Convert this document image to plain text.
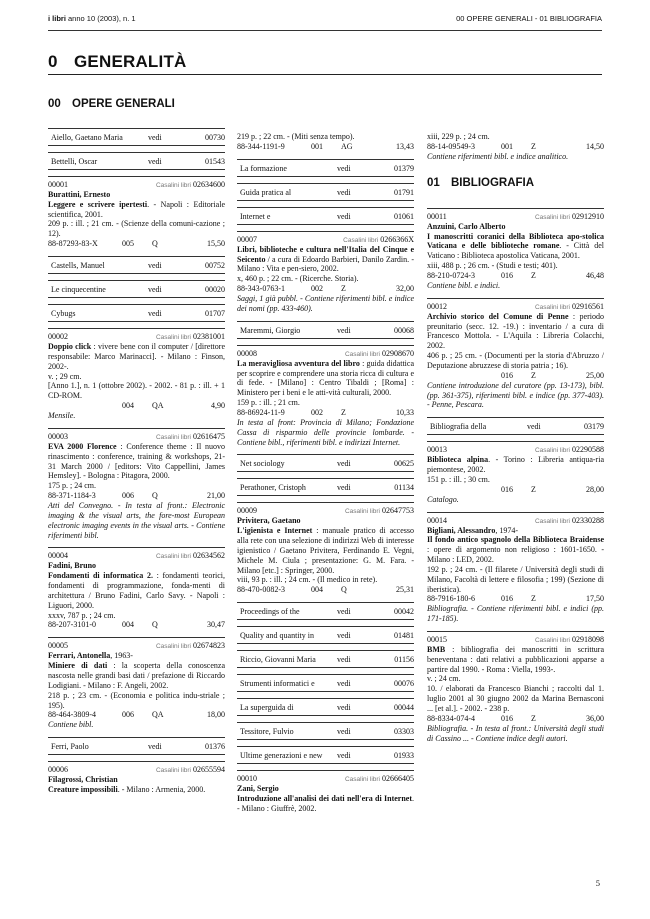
i libri anno 10 (2003), n. 1	00 OPERE GENERALI - 01 BIBLIOGRAFIA
0 GENERALITÀ
00 OPERE GENERALI
Aiello, Gaetano Maria	vedi	00730
Bettelli, Oscar	vedi	01543
00001	Casalini libri 02634600
Burattini, Ernesto
Leggere e scrivere ipertesti. - Napoli : Editoriale scientifica, 2001.
209 p. : ill. ; 21 cm. - (Scienze della comuni-cazione ; 12).
88-87293-83-X	005 Q	15,50
Castells, Manuel	vedi	00752
Le cinquecentine	vedi	00020
Cybugs	vedi	01707
00002	Casalini libri 02381001
Doppio click : vivere bene con il computer / [direttore responsabile: Marco Marinacci]. - Milano : Finson, 2002-.
v. ; 29 cm.
[Anno 1.], n. 1 (ottobre 2002). - 2002. - 81 p. : ill. + 1 CD-ROM.
004 QA	4,90
Mensile.
00003	Casalini libri 02616475
EVA 2000 Florence : Conference theme : Il nuovo rinascimento : conference, training & workshops, 21-31 March 2000 / [editors: Vito Cappellini, James Hemsley]. - Bologna : Pitagora, 2000.
175 p. ; 24 cm.
88-371-1184-3	006 Q	21,00
Atti del Convegno. - In testa al front.: Electronic imaging & the visual arts, the fore-most European electronic imaging events in the visual arts. - Contiene riferimenti bibl.
00004	Casalini libri 02634562
Fadini, Bruno
Fondamenti di informatica 2. : fondamenti teorici, fondamenti di programmazione, fonda-menti di architettura / Bruno Fadini, Carlo Savy. - Napoli : Liguori, 2000.
xxxv, 787 p. ; 24 cm.
88-207-3101-0	004 Q	30,47
00005	Casalini libri 02674823
Ferrari, Antonella, 1963-
Miniere di dati : la scoperta della conoscenza nascosta nelle grandi basi dati / prefazione di Riccardo Lodigiani. - Milano : F. Angeli, 2002.
218 p. ; 23 cm. - (Economia e politica indu-striale ; 195).
88-464-3809-4	006 QA	18,00
Contiene bibl.
Ferri, Paolo	vedi	01376
00006	Casalini libri 02655594
Filagrossi, Christian
Creature impossibili. - Milano : Armenia, 2000.
219 p. ; 22 cm. - (Miti senza tempo).
88-344-1191-9	001 AG	13,43
La formazione	vedi	01379
Guida pratica al	vedi	01791
Internet e	vedi	01061
00007	Casalini libri 0266366X
Libri, biblioteche e cultura nell'Italia del Cinque e Seicento / a cura di Edoardo Barbieri, Danilo Zardin. - Milano : Vita e pen-siero, 2002.
x, 460 p. ; 22 cm. - (Ricerche. Storia).
88-343-0763-1	002 Z	32,00
Saggi, 1 già pubbl. - Contiene riferimenti bibl. e indice dei nomi (pp. 433-460).
Maremmi, Giorgio	vedi	00068
00008	Casalini libri 02908670
La meravigliosa avventura del libro : guida didattica per scoprire e comprendere una storia ricca di cultura e di fede. - [Milano] : Centro Tibaldi ; [Roma] : Ministero per i beni e le atti-vità culturali, 2000.
159 p. : ill. ; 21 cm.
88-86924-11-9	002 Z	10,33
In testa al front: Provincia di Milano; Fondazione Cassa di risparmio delle provincie lombarde. - Contiene bibl., riferimenti bibl. e indirizzi Internet.
Net sociology	vedi	00625
Perathoner, Cristoph	vedi	01134
00009	Casalini libri 02647753
Privitera, Gaetano
L'igienista e Internet : manuale pratico di accesso alla rete con una selezione di indirizzi Web di interesse igienistico / Gaetano Privitera, Ferdinando E. Vegni, Michele M. Ciula ; presentazione: G. M. Fara. - Milano [etc.] : Springer, 2000.
viii, 93 p. : ill. ; 24 cm. - (Il medico in rete).
88-470-0082-3	004 Q	25,31
Proceedings of the	vedi	00042
Quality and quantity in	vedi	01481
Riccio, Giovanni Maria	vedi	01156
Strumenti informatici e	vedi	00076
La superguida di	vedi	00044
Tessitore, Fulvio	vedi	03303
Ultime generazioni e new vedi	01933
00010	Casalini libri 02666405
Zani, Sergio
Introduzione all'analisi dei dati nell'era di Internet. - Milano : Giuffrè, 2002.
xiii, 229 p. ; 24 cm.
88-14-09549-3	001 Z	14,50
Contiene riferimenti bibl. e indice analitico.
01 BIBLIOGRAFIA
00011	Casalini libri 02912910
Anzuini, Carlo Alberto
I manoscritti coranici della Biblioteca apo-stolica Vaticana e delle biblioteche romane. - Città del Vaticano : Biblioteca apostolica Vaticana, 2001.
xiii, 488 p. ; 26 cm. - (Studi e testi; 401).
88-210-0724-3	016 Z	46,48
Contiene bibl. e indici.
00012	Casalini libri 02916561
Archivio storico del Comune di Penne : periodo preunitario (secc. 12. -19.) : inventario / a cura di Francesco Mottola. - L'Aquila : Libreria Colacchi, 2002.
406 p. ; 25 cm. - (Documenti per la storia d'Abruzzo / Deputazione abruzzese di storia patria ; 16).
016 Z	25,00
Contiene introduzione del curatore (pp. 13-173), bibl. (pp. 361-375), riferimenti bibl. e indice (pp. 377-403). - Penne, Pescara.
Bibliografia della	vedi	03179
00013	Casalini libri 02290588
Biblioteca alpina. - Torino : Libreria antiqua-ria piemontese, 2002.
151 p. : ill. ; 30 cm.
016 Z	28,00
Catalogo.
00014	Casalini libri 02330288
Bigliani, Alessandro, 1974-
Il fondo antico spagnolo della Biblioteca Braidense : opere di argomento non religioso : 1601-1650. - Milano : LED, 2002.
192 p. ; 24 cm. - (Il filarete / Università degli studi di Milano, Facoltà di lettere e filosofia ; 199) (Sezione di iberistica).
88-7916-180-6	016 Z	17,50
Bibliografia. - Contiene riferimenti bibl. e indici (pp. 171-185).
00015	Casalini libri 02918098
BMB : bibliografia dei manoscritti in scrittura beneventana : dati relativi a pubblicazioni apparse a partire dal 1990. - Roma : Viella, 1993-.
v. ; 24 cm.
10. / elaborati da Francesco Bianchi ; raccolti dal 1. luglio 2001 al 30 giugno 2002 da Marina Bernasconi ... [et al.]. - 2002. - 238 p.
88-8334-074-4	016 Z	36,00
Bibliografia. - In testa al front.: Università degli studi di Cassino ... - Contiene indice degli autori.
5
